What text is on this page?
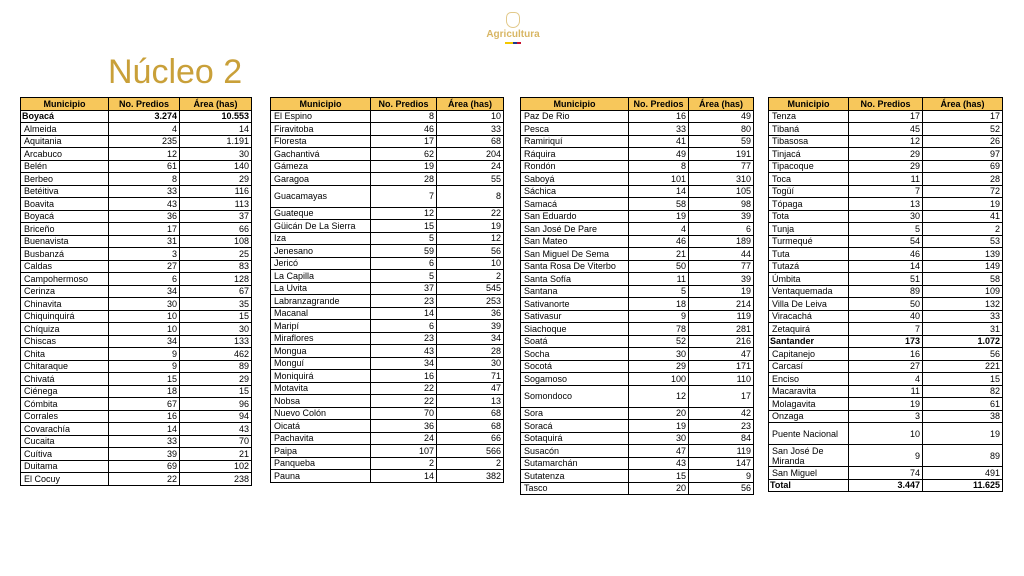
Agricultura
Núcleo 2
Municipio	No. Predios	Área (has)
Boyacá	3.274	10.553
Almeida	4	14
Aquitania	235	1.191
Arcabuco	12	30
Belén	61	140
Berbeo	8	29
Betéitiva	33	116
Boavita	43	113
Boyacá	36	37
Briceño	17	66
Buenavista	31	108
Busbanzá	3	25
Caldas	27	83
Campohermoso	6	128
Cerinza	34	67
Chinavita	30	35
Chiquinquirá	10	15
Chíquiza	10	30
Chiscas	34	133
Chita	9	462
Chitaraque	9	89
Chivatá	15	29
Ciénega	18	15
Cómbita	67	96
Corrales	16	94
Covarachía	14	43
Cucaita	33	70
Cuítiva	39	21
Duitama	69	102
El Cocuy	22	238
Municipio	No. Predios	Área (has)
El Espino	8	10
Firavitoba	46	33
Floresta	17	68
Gachantivá	62	204
Gámeza	19	24
Garagoa	28	55
Guacamayas	7	8
Guateque	12	22
Güicán De La Sierra	15	19
Iza	5	12
Jenesano	59	56
Jericó	6	10
La Capilla	5	2
La Uvita	37	545
Labranzagrande	23	253
Macanal	14	36
Maripí	6	39
Miraflores	23	34
Mongua	43	28
Monguí	34	30
Moniquirá	16	71
Motavita	22	47
Nobsa	22	13
Nuevo Colón	70	68
Oicatá	36	68
Pachavita	24	66
Paipa	107	566
Panqueba	2	2
Pauna	14	382
Municipio	No. Predios	Área (has)
Paz De Rio	16	49
Pesca	33	80
Ramiriquí	41	59
Ráquira	49	191
Rondón	8	77
Saboyá	101	310
Sáchica	14	105
Samacá	58	98
San Eduardo	19	39
San José De Pare	4	6
San Mateo	46	189
San Miguel De Sema	21	44
Santa Rosa De Viterbo	50	77
Santa Sofía	11	39
Santana	5	19
Sativanorte	18	214
Sativasur	9	119
Siachoque	78	281
Soatá	52	216
Socha	30	47
Socotá	29	171
Sogamoso	100	110
Somondoco	12	17
Sora	20	42
Soracá	19	23
Sotaquirá	30	84
Susacón	47	119
Sutamarchán	43	147
Sutatenza	15	9
Tasco	20	56
Municipio	No. Predios	Área (has)
Tenza	17	17
Tibaná	45	52
Tibasosa	12	26
Tinjacá	29	97
Tipacoque	29	69
Toca	11	28
Togüí	7	72
Tópaga	13	19
Tota	30	41
Tunja	5	2
Turmequé	54	53
Tuta	46	139
Tutazá	14	149
Úmbita	51	58
Ventaquemada	89	109
Villa De Leiva	50	132
Viracachá	40	33
Zetaquirá	7	31
Santander	173	1.072
Capitanejo	16	56
Carcasí	27	221
Enciso	4	15
Macaravita	11	82
Molagavita	19	61
Onzaga	3	38
Puente Nacional	10	19
San José De Miranda	9	89
San Miguel	74	491
Total	3.447	11.625
